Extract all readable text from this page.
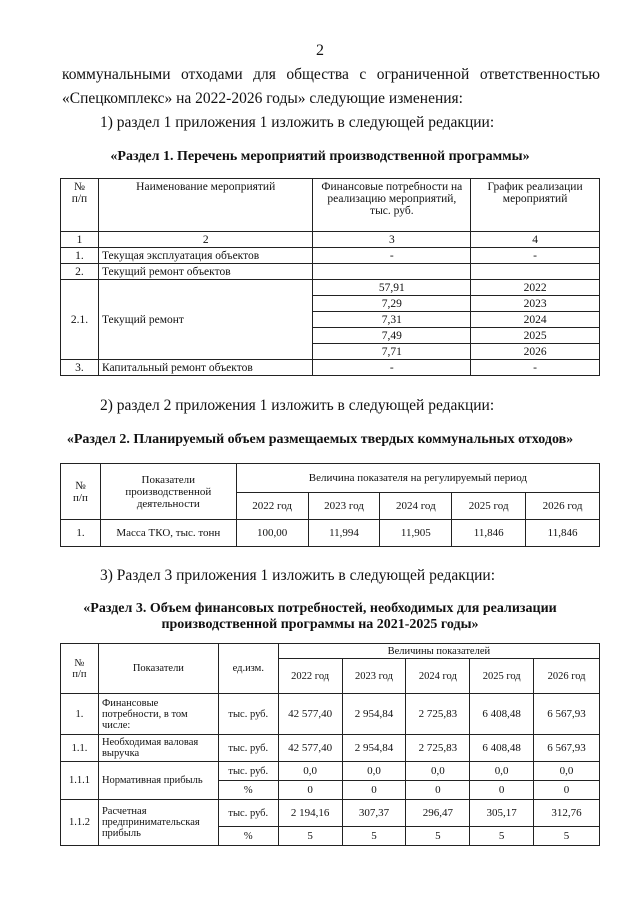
2
коммунальными отходами для общества с ограниченной ответственностью
«Спецкомплекс» на 2022-2026 годы» следующие изменения:
1) раздел 1 приложения 1 изложить в следующей редакции:
«Раздел 1. Перечень мероприятий производственной программы»
№
п/п	Наименование мероприятий	Финансовые потребности на реализацию мероприятий, тыс. руб.	График реализации мероприятий
1	2	3	4
1.	Текущая эксплуатация объектов	-	-
2.	Текущий ремонт объектов		
2.1.	Текущий ремонт	57,91	2022
		7,29	2023
		7,31	2024
		7,49	2025
		7,71	2026
3.	Капитальный ремонт объектов	-	-
2) раздел 2 приложения 1 изложить в следующей редакции:
«Раздел 2. Планируемый объем размещаемых твердых коммунальных отходов»
№
п/п	Показатели производственной деятельности	Величина показателя на регулируемый период				
		2022 год	2023 год	2024 год	2025 год	2026 год
1.	Масса ТКО, тыс. тонн	100,00	11,994	11,905	11,846	11,846
3) Раздел 3 приложения 1 изложить в следующей редакции:
«Раздел 3. Объем финансовых потребностей, необходимых для реализации
производственной программы на 2021-2025 годы»
№
п/п	Показатели	ед.изм.	Величины показателей				
			2022 год	2023 год	2024 год	2025 год	2026 год
1.	Финансовые потребности, в том числе:	тыс. руб.	42 577,40	2 954,84	2 725,83	6 408,48	6 567,93
1.1.	Необходимая валовая выручка	тыс. руб.	42 577,40	2 954,84	2 725,83	6 408,48	6 567,93
1.1.1	Нормативная прибыль	тыс. руб.	0,0	0,0	0,0	0,0	0,0
		%	0	0	0	0	0
1.1.2	Расчетная предпринимательская прибыль	тыс. руб.	2 194,16	307,37	296,47	305,17	312,76
		%	5	5	5	5	5
